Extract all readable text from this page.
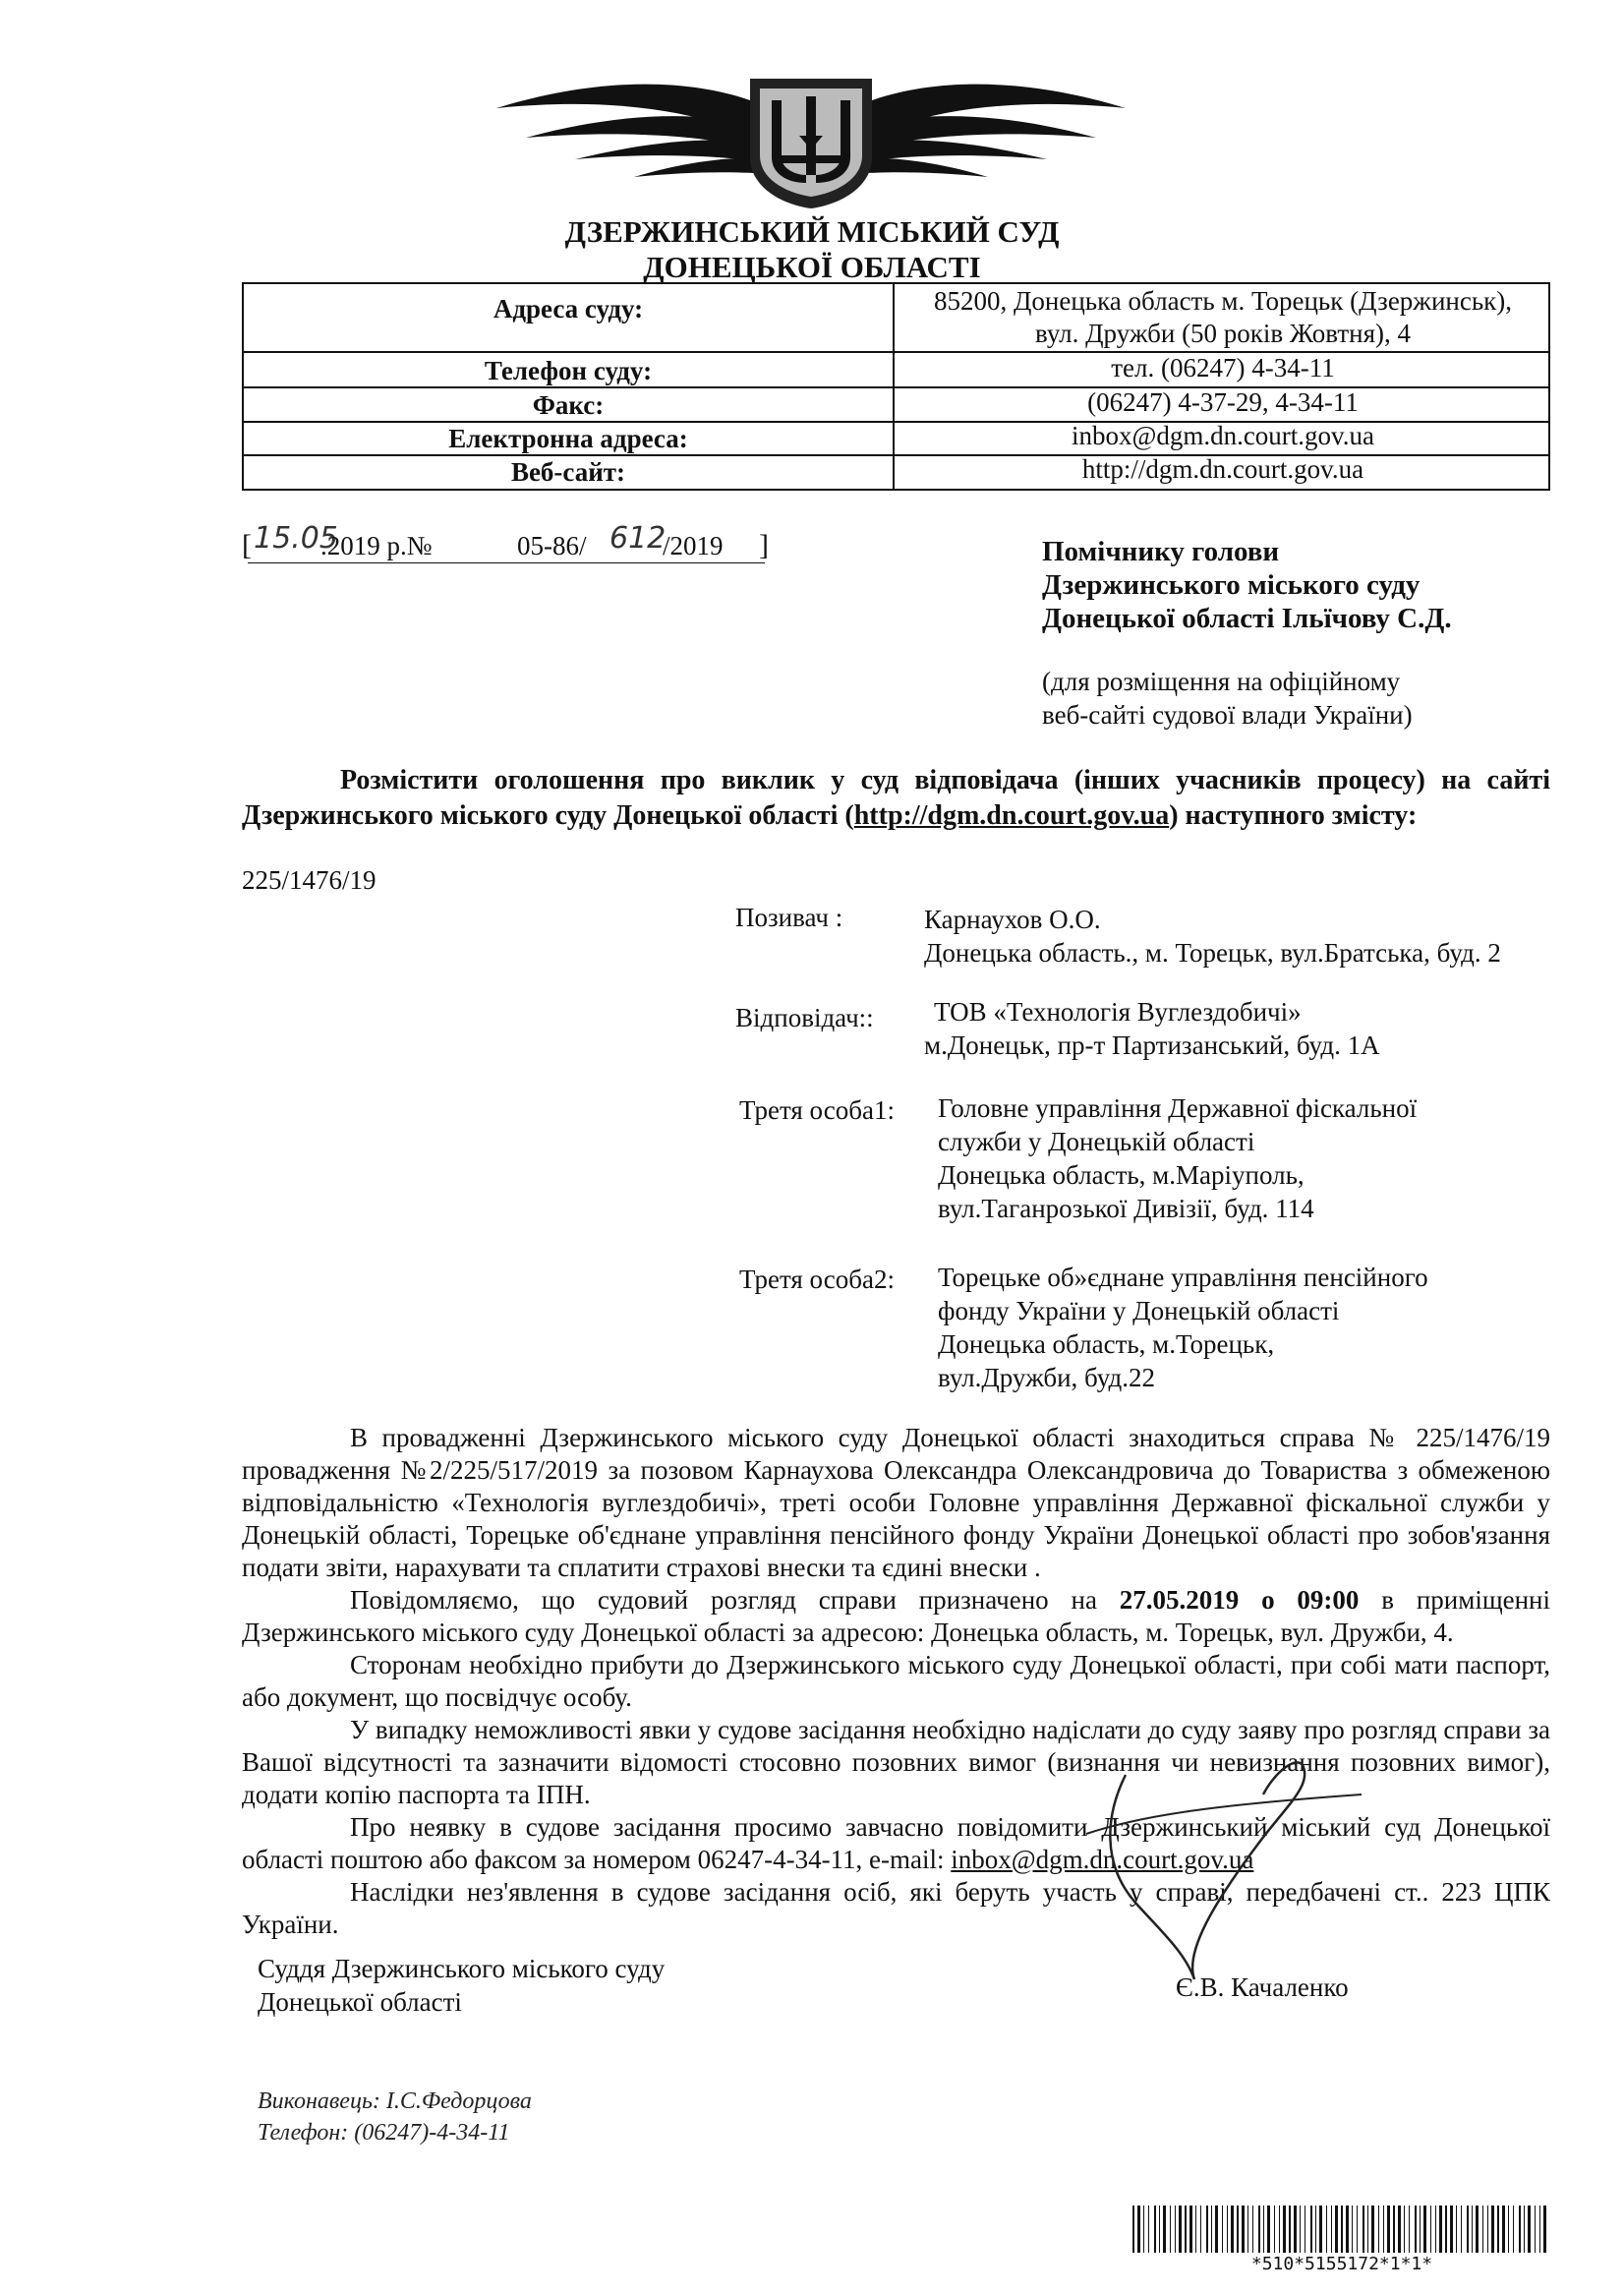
ДЗЕРЖИНСЬКИЙ МІСЬКИЙ СУД
ДОНЕЦЬКОЇ ОБЛАСТІ
Адреса суду:	85200, Донецька область м. Торецьк (Дзержинськ),
вул. Дружби (50 років Жовтня), 4
Телефон суду:	тел. (06247) 4-34-11
Факс:	(06247) 4-37-29, 4-34-11
Електронна адреса:	inbox@dgm.dn.court.gov.ua
Веб-сайт:	http://dgm.dn.court.gov.ua
[ 15.05
.2019 р.№	05-86/ 612
/2019 ]	Помічнику голови
Дзержинського міського суду
Донецької області Ільїчову С.Д.
(для розміщення на офіційному
веб-сайті судової влади України)
Розмістити оголошення про виклик у суд відповідача (інших учасників процесу) на сайті Дзержинського міського суду Донецької області (http://dgm.dn.court.gov.ua) наступного змісту:
225/1476/19
Позивач :	Карнаухов О.О.
Донецька область., м. Торецьк, вул.Братська, буд. 2
Відповідач:: ТОВ «Технологія Вуглездобичі»
м.Донецьк, пр-т Партизанський, буд. 1А
Третя особа1: Головне управління Державної фіскальної
служби у Донецькій області
Донецька область, м.Маріуполь,
вул.Таганрозької Дивізії, буд. 114
Третя особа2: Торецьке об»єднане управління пенсійного
фонду України у Донецькій області
Донецька область, м.Торецьк,
вул.Дружби, буд.22

В провадженні Дзержинського міського суду Донецької області знаходиться справа № 225/1476/19 провадження №2/225/517/2019 за позовом Карнаухова Олександра Олександровича до Товариства з обмеженою відповідальністю «Технологія вуглездобичі», треті особи Головне управління Державної фіскальної служби у Донецькій області, Торецьке об'єднане управління пенсійного фонду України Донецької області про зобов'язання подати звіти, нарахувати та сплатити страхові внески та єдині внески .

Повідомляємо, що судовий розгляд справи призначено на 27.05.2019 о 09:00 в приміщенні Дзержинського міського суду Донецької області за адресою: Донецька область, м. Торецьк, вул. Дружби, 4.

Сторонам необхідно прибути до Дзержинського міського суду Донецької області, при собі мати паспорт, або документ, що посвідчує особу.

У випадку неможливості явки у судове засідання необхідно надіслати до суду заяву про розгляд справи за Вашої відсутності та зазначити відомості стосовно позовних вимог (визнання чи невизнання позовних вимог), додати копію паспорта та ІПН.

Про неявку в судове засідання просимо завчасно повідомити Дзержинський міський суд Донецької області поштою або факсом за номером 06247-4-34-11, e-mail: inbox@dgm.dn.court.gov.ua

Наслідки нез'явлення в судове засідання осіб, які беруть участь у справі, передбачені ст.. 223 ЦПК України.

Суддя Дзержинського міського суду
Донецької області	Є.В. Качаленко
Виконавець: І.С.Федорцова
Телефон: (06247)-4-34-11
*510*5155172*1*1*
